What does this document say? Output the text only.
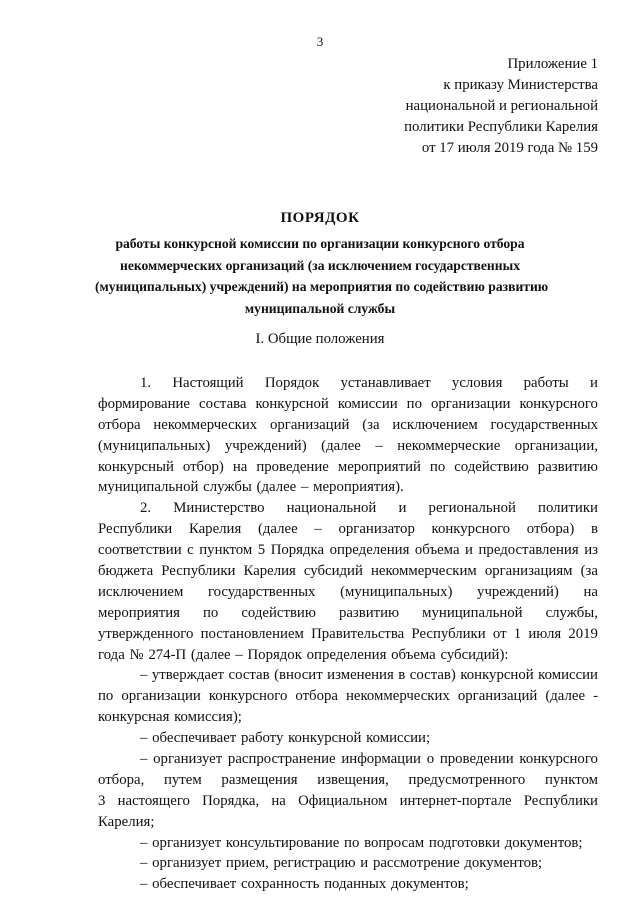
3
Приложение 1
к приказу Министерства
национальной и региональной
политики Республики Карелия
от 17 июля 2019 года № 159
ПОРЯДОК
работы конкурсной комиссии по организации конкурсного отбора
некоммерческих организаций (за исключением государственных
(муниципальных) учреждений) на мероприятия по содействию развитию
муниципальной службы
I. Общие положения
1. Настоящий Порядок устанавливает условия работы и
формирование состава конкурсной комиссии по организации конкурсного
отбора некоммерческих организаций (за исключением государственных
(муниципальных) учреждений) (далее – некоммерческие организации,
конкурсный отбор) на проведение мероприятий по содействию развитию
муниципальной службы (далее – мероприятия).
2. Министерство национальной и региональной политики
Республики Карелия (далее – организатор конкурсного отбора) в
соответствии с пунктом 5 Порядка определения объема и предоставления из
бюджета Республики Карелия субсидий некоммерческим организациям (за
исключением государственных (муниципальных) учреждений) на
мероприятия по содействию развитию муниципальной службы,
утвержденного постановлением Правительства Республики от 1 июля 2019
года № 274-П (далее – Порядок определения объема субсидий):
– утверждает состав (вносит изменения в состав) конкурсной комиссии
по организации конкурсного отбора некоммерческих организаций (далее -
конкурсная комиссия);
– обеспечивает работу конкурсной комиссии;
– организует распространение информации о проведении конкурсного
отбора, путем размещения извещения, предусмотренного пунктом
3 настоящего Порядка, на Официальном интернет-портале Республики
Карелия;
– организует консультирование по вопросам подготовки документов;
– организует прием, регистрацию и рассмотрение документов;
– обеспечивает сохранность поданных документов;
